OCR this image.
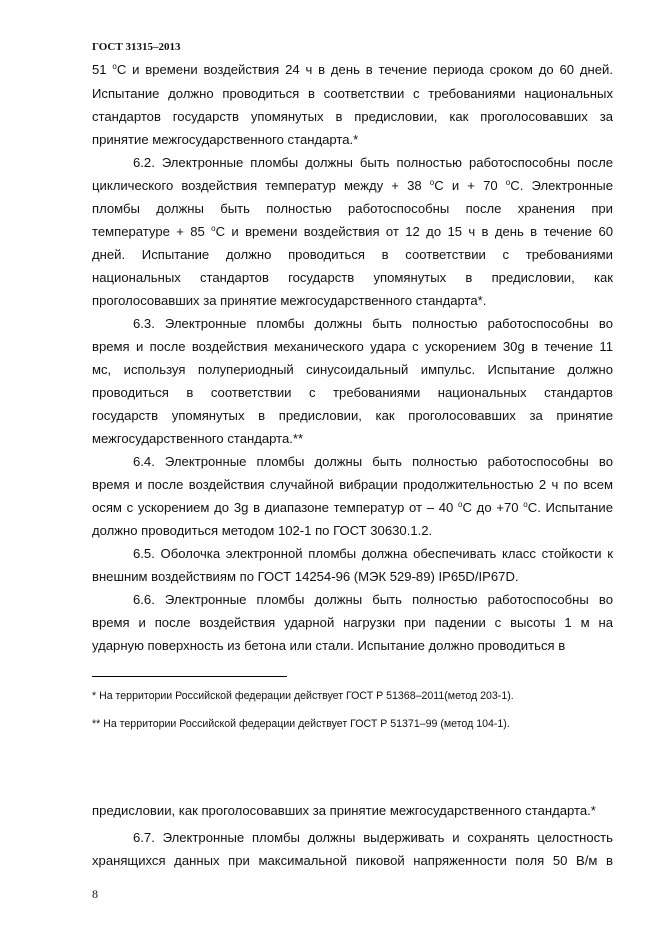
ГОСТ 31315–2013
51 $^o$С и времени воздействия 24 ч в день в течение периода сроком до 60 дней.
Испытание должно проводиться в соответствии с требованиями национальных
стандартов государств упомянутых в предисловии, как проголосовавших за
принятие межгосударственного стандарта.*
6.2. Электронные пломбы должны быть полностью работоспособны после
циклического воздействия температур между + 38 $^о$С и + 70 $^о$С. Электронные
пломбы должны быть полностью работоспособны после хранения при
температуре + 85 $^о$С и времени воздействия от 12 до 15 ч в день в течение 60
дней. Испытание должно проводиться в соответствии с требованиями
национальных стандартов государств упомянутых в предисловии, как
проголосовавших за принятие межгосударственного стандарта*.
6.3. Электронные пломбы должны быть полностью работоспособны во
время и после воздействия механического удара с ускорением 30g в течение 11
мс, используя полупериодный синусоидальный импульс. Испытание должно
проводиться в соответствии с требованиями национальных стандартов
государств упомянутых в предисловии, как проголосовавших за принятие
межгосударственного стандарта.**
6.4. Электронные пломбы должны быть полностью работоспособны во
время и после воздействия случайной вибрации продолжительностью 2 ч по всем
осям с ускорением до 3g в диапазоне температур от – 40 $^о$С до +70 $^о$С. Испытание
должно проводиться методом 102-1 по ГОСТ 30630.1.2.
6.5. Оболочка электронной пломбы должна обеспечивать класс стойкости к
внешним воздействиям по ГОСТ 14254-96 (МЭК 529-89) IP65D/IP67D.
6.6. Электронные пломбы должны быть полностью работоспособны во
время и после воздействия ударной нагрузки при падении с высоты 1 м на
ударную поверхность из бетона или стали. Испытание должно проводиться в
* На территории Российской федерации действует ГОСТ Р 51368–2011(метод 203-1).
** На территории Российской федерации действует ГОСТ Р 51371–99 (метод 104-1).
предисловии, как проголосовавших за принятие межгосударственного стандарта.*
6.7. Электронные пломбы должны выдерживать и сохранять целостность
хранящихся данных при максимальной пиковой напряженности поля 50 В/м в
8
